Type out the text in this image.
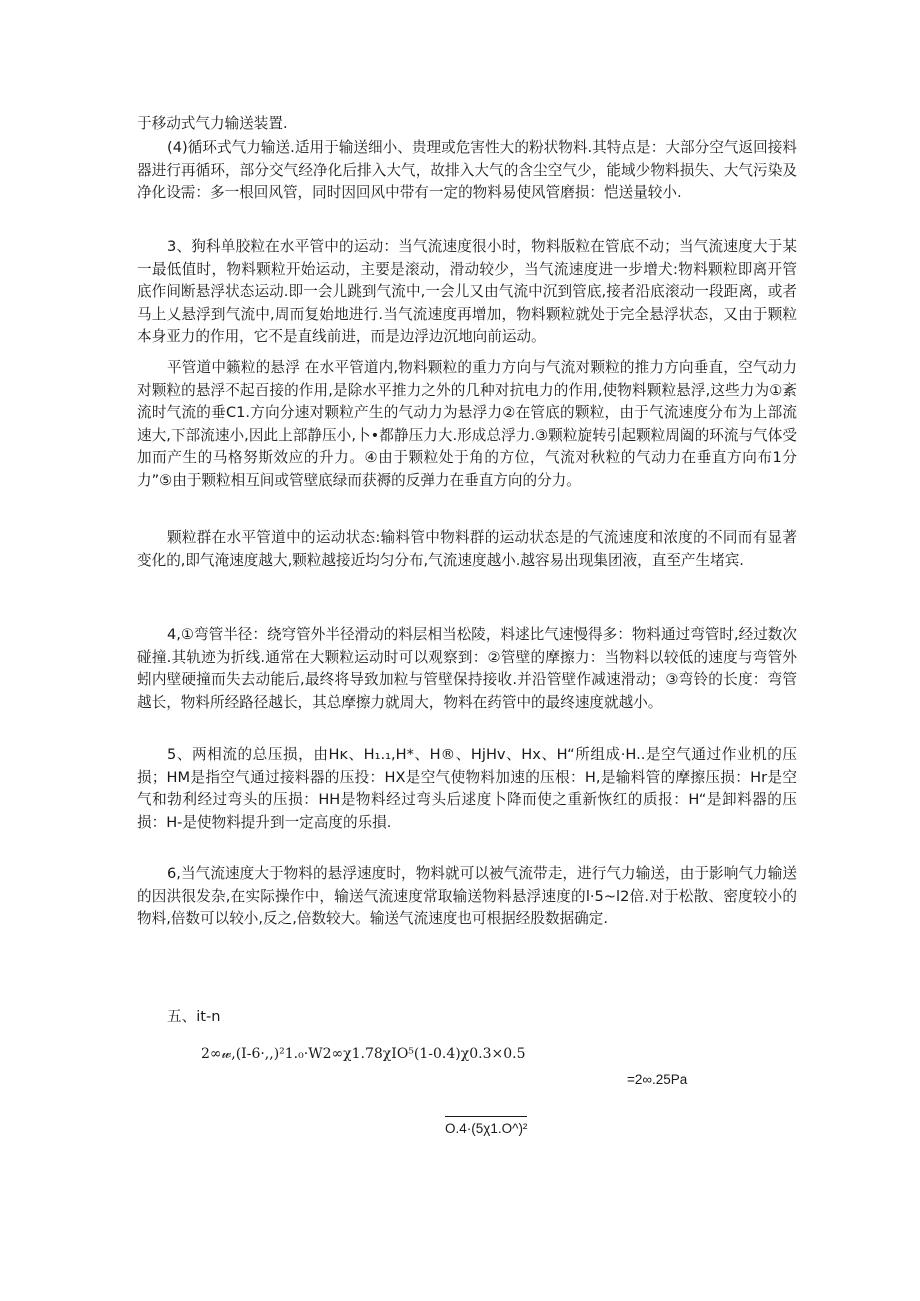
于移动式气力输送装置.

(4)循环式气力输送.适用于输送细小、贵理或危害性大的粉状物料.其特点是：大部分空气返回接料器进行再循环，部分交气经净化后排入大气，故排入大气的含尘空气少，能域少物料损失、大气污染及净化设需：多一根回风管，同时因回风中带有一定的物料易使风管磨损：恺送量较小.

3、狗科单胶粒在水平管中的运动：当气流速度很小时，物料版粒在管底不动；当气流速度大于某一最低值时，物料颗粒开始运动，主要是滚动，滑动较少，当气流速度进一步增犬:物料颗粒即离开管底作间断悬浮状态运动.即一会儿跳到气流中,一会儿又由气流中沉到管底,接者沿底滚动一段距离，或者马上乂悬浮到气流中,周而复始地进行.当气流速度再增加，物料颗粒就处于完全悬浮状态，又由于颗粒本身亚力的作用，它不是直线前进，而是边浮边沉地向前运动。

平管道中籁粒的悬浮 在水平管道内,物料颗粒的重力方向与气流对颗粒的推力方向垂直，空气动力对颗粒的悬浮不起百接的作用,是除水平推力之外的几种对抗电力的作用,使物料颗粒悬浮,这些力为①紊流时气流的垂C1.方向分速对颗粒产生的气动力为悬浮力②在管底的颗粒，由于气流速度分布为上部流速大,下部流速小,因此上部静压小,卜•都静压力大.形成总浮力.③颗粒旋转引起颗粒周阖的环流与气体受加而产生的马格努斯效应的升力。④由于颗粒处于角的方位，气流对秋粒的气动力在垂直方向布1分力”⑤由于颗粒相互间或管壁底绿而获褥的反弹力在垂直方向的分力。

颗粒群在水平管道中的运动状态:输料管中物料群的运动状态是的气流速度和浓度的不同而有显著变化的,即气淹速度越大,颗粒越接近均匀分布,气流速度越小.越容易出现集团液，直至产生堵宾.

4,①弯管半径：绕穹管外半径滑动的料层相当松陵，料逑比气速慢得多：物料通过弯管时,经过数次碰撞.其轨迹为折线.通常在大颗粒运动时可以观察到：②管壁的摩擦力：当物料以较低的速度与弯管外蚓内壁硬撞而失去动能后,最终将导致加粒与管壁保持接收.并沿管壁作减速滑动；③弯铃的长度：弯管越长，物料所经路径越长，其总摩擦力就周大，物料在药管中的最终速度就越小。

5、两相流的总压损，由Hĸ、H₁.₁,H*、H®、HjHv、Hx、H“所组成·H..是空气通过作业机的压损；HM是指空气通过接料器的压投：HX是空气使物料加速的压根：H,是输料管的摩擦压损：Hr是空气和勃利经过弯头的压损：HH是物料经过弯头后逑度卜降而使之重新恢红的质报：H“是卸料器的压损：H-是使物料提升到一定高度的乐損.

6,当气流速度大于物料的悬浮速度时，物料就可以被气流带走，进行气力输送，由于影响气力输送的因洪很发杂,在实际操作中，输送气流速度常取输送物料悬浮速度的l·5~l2倍.对于松散、密度较小的物料,倍数可以较小,反之,倍数较大。输送气流速度也可根据经股数据确定.

五、it-n

2∞𝓌,(I-6·,,)²1.₀·W2∞χ1.78χIO⁵(1-0.4)χ0.3×0.5

=2∞.25Pa

O.4·(5χ1.O^)²
